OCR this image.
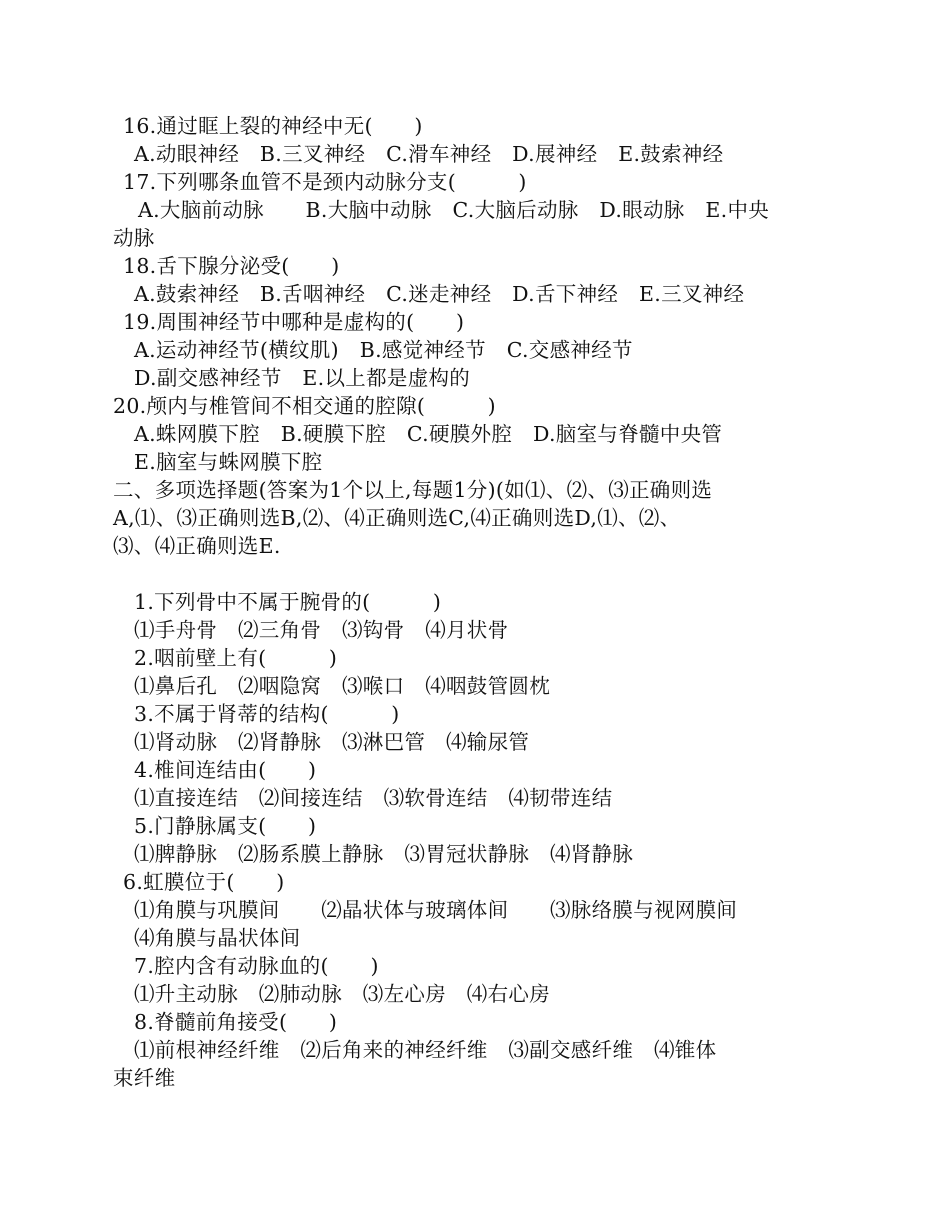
16.通过眶上裂的神经中无(　　)
A.动眼神经　B.三叉神经　C.滑车神经　D.展神经　E.鼓索神经
17.下列哪条血管不是颈内动脉分支(　　　)
A.大脑前动脉　　B.大脑中动脉　C.大脑后动脉　D.眼动脉　E.中央
动脉
18.舌下腺分泌受(　　)
A.鼓索神经　B.舌咽神经　C.迷走神经　D.舌下神经　E.三叉神经
19.周围神经节中哪种是虚构的(　　)
A.运动神经节(横纹肌)　B.感觉神经节　C.交感神经节
D.副交感神经节　E.以上都是虚构的
20.颅内与椎管间不相交通的腔隙(　　　)
A.蛛网膜下腔　B.硬膜下腔　C.硬膜外腔　D.脑室与脊髓中央管
E.脑室与蛛网膜下腔
二、多项选择题(答案为1个以上,每题1分)(如⑴、⑵、⑶正确则选
A,⑴、⑶正确则选B,⑵、⑷正确则选C,⑷正确则选D,⑴、⑵、
⑶、⑷正确则选E.
1.下列骨中不属于腕骨的(　　　)
⑴手舟骨　⑵三角骨　⑶钩骨　⑷月状骨
2.咽前壁上有(　　　)
⑴鼻后孔　⑵咽隐窝　⑶喉口　⑷咽鼓管圆枕
3.不属于肾蒂的结构(　　　)
⑴肾动脉　⑵肾静脉　⑶淋巴管　⑷输尿管
4.椎间连结由(　　)
⑴直接连结　⑵间接连结　⑶软骨连结　⑷韧带连结
5.门静脉属支(　　)
⑴脾静脉　⑵肠系膜上静脉　⑶胃冠状静脉　⑷肾静脉
6.虹膜位于(　　)
⑴角膜与巩膜间　　⑵晶状体与玻璃体间　　⑶脉络膜与视网膜间
⑷角膜与晶状体间
7.腔内含有动脉血的(　　)
⑴升主动脉　⑵肺动脉　⑶左心房　⑷右心房
8.脊髓前角接受(　　)
⑴前根神经纤维　⑵后角来的神经纤维　⑶副交感纤维　⑷锥体
束纤维
